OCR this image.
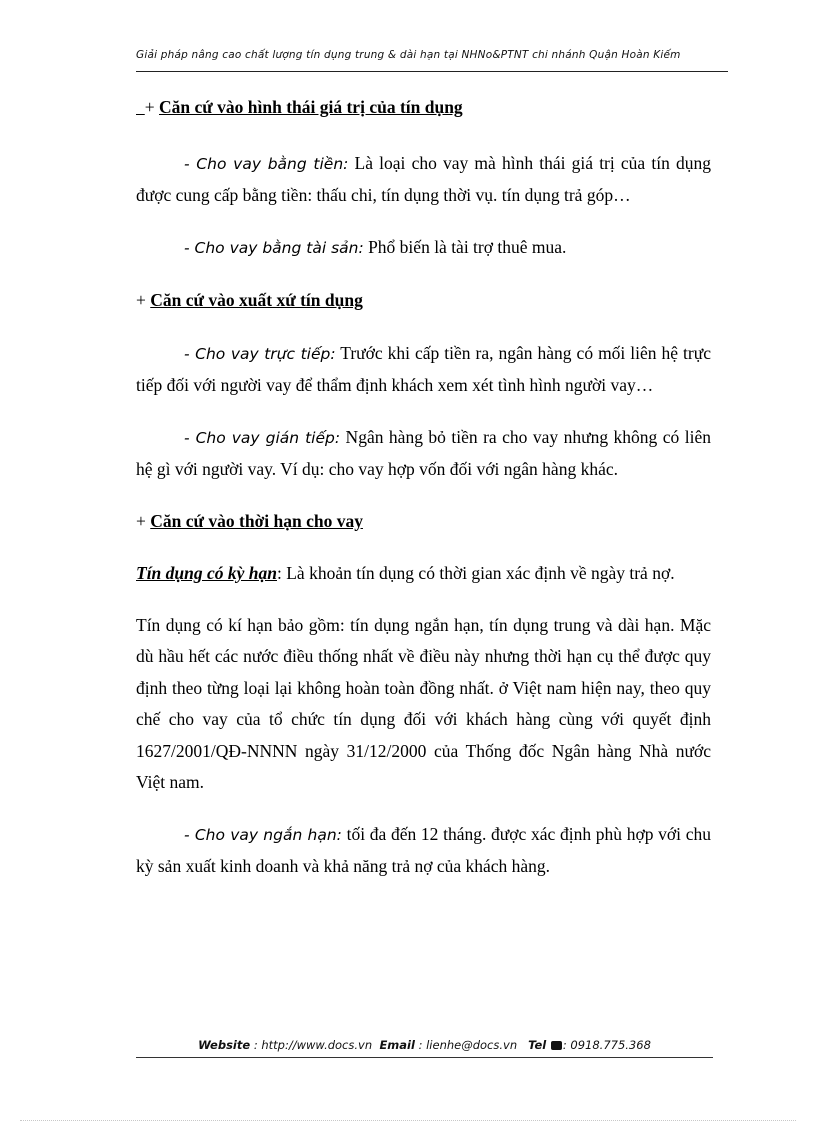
Giải pháp nâng cao chất lượng tín dụng trung & dài hạn tại NHNo&PTNT chi nhánh Quận Hoàn Kiếm

+ Căn cứ vào hình thái giá trị của tín dụng

- Cho vay bằng tiền: Là loại cho vay mà hình thái giá trị của tín dụng được cung cấp bằng tiền: thấu chi, tín dụng thời vụ. tín dụng trả góp…

- Cho vay bằng tài sản: Phổ biến là tài trợ thuê mua.

+ Căn cứ vào xuất xứ tín dụng

- Cho vay trực tiếp: Trước khi cấp tiền ra, ngân hàng có mối liên hệ trực tiếp đối với người vay để thẩm định khách xem xét tình hình người vay…

- Cho vay gián tiếp: Ngân hàng bỏ tiền ra cho vay nhưng không có liên hệ gì với người vay. Ví dụ: cho vay hợp vốn đối với ngân hàng khác.

+ Căn cứ vào thời hạn cho vay

Tín dụng có kỳ hạn: Là khoản tín dụng có thời gian xác định về ngày trả nợ.

Tín dụng có kí hạn bảo gồm: tín dụng ngắn hạn, tín dụng trung và dài hạn. Mặc dù hầu hết các nước điều thống nhất về điều này nhưng thời hạn cụ thể được quy định theo từng loại lại không hoàn toàn đồng nhất. ở Việt nam hiện nay, theo quy chế cho vay của tổ chức tín dụng đối với khách hàng cùng với quyết định 1627/2001/QĐ-NNNN ngày 31/12/2000 của Thống đốc Ngân hàng Nhà nước Việt nam.

- Cho vay ngắn hạn: tối đa đến 12 tháng. được xác định phù hợp với chu kỳ sản xuất kinh doanh và khả năng trả nợ của khách hàng.

Website : http://www.docs.vn Email : lienhe@docs.vn Tel : 0918.775.368
